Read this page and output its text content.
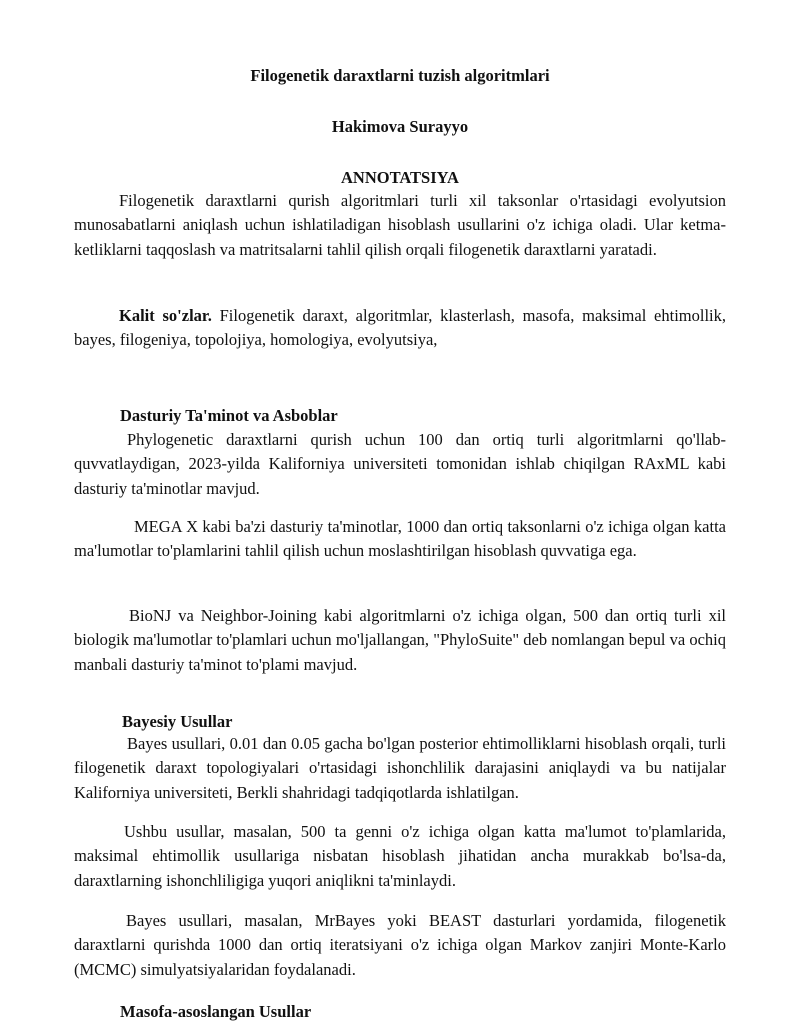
Filogenetik daraxtlarni tuzish algoritmlari
Hakimova Surayyo
ANNOTATSIYA
Filogenetik daraxtlarni qurish algoritmlari turli xil taksonlar o'rtasidagi evolyutsion munosabatlarni aniqlash uchun ishlatiladigan hisoblash usullarini o'z ichiga oladi. Ular ketma-ketliklarni taqqoslash va matritsalarni tahlil qilish orqali filogenetik daraxtlarni yaratadi.
Kalit so'zlar. Filogenetik daraxt, algoritmlar, klasterlash, masofa, maksimal ehtimollik, bayes, filogeniya, topolojiya, homologiya, evolyutsiya,
Dasturiy Ta'minot va Asboblar
Phylogenetic daraxtlarni qurish uchun 100 dan ortiq turli algoritmlarni qo'llab-quvvatlaydigan, 2023-yilda Kaliforniya universiteti tomonidan ishlab chiqilgan RAxML kabi dasturiy ta'minotlar mavjud.
MEGA X kabi ba'zi dasturiy ta'minotlar, 1000 dan ortiq taksonlarni o'z ichiga olgan katta ma'lumotlar to'plamlarini tahlil qilish uchun moslashtirilgan hisoblash quvvatiga ega.
BioNJ va Neighbor-Joining kabi algoritmlarni o'z ichiga olgan, 500 dan ortiq turli xil biologik ma'lumotlar to'plamlari uchun mo'ljallangan, "PhyloSuite" deb nomlangan bepul va ochiq manbali dasturiy ta'minot to'plami mavjud.
Bayesiy Usullar
Bayes usullari, 0.01 dan 0.05 gacha bo'lgan posterior ehtimolliklarni hisoblash orqali, turli filogenetik daraxt topologiyalari o'rtasidagi ishonchlilik darajasini aniqlaydi va bu natijalar Kaliforniya universiteti, Berkli shahridagi tadqiqotlarda ishlatilgan.
Ushbu usullar, masalan, 500 ta genni o'z ichiga olgan katta ma'lumot to'plamlarida, maksimal ehtimollik usullariga nisbatan hisoblash jihatidan ancha murakkab bo'lsa-da, daraxtlarning ishonchliligiga yuqori aniqlikni ta'minlaydi.
Bayes usullari, masalan, MrBayes yoki BEAST dasturlari yordamida, filogenetik daraxtlarni qurishda 1000 dan ortiq iteratsiyani o'z ichiga olgan Markov zanjiri Monte-Karlo (MCMC) simulyatsiyalaridan foydalanadi.
Masofa-asoslangan Usullar
